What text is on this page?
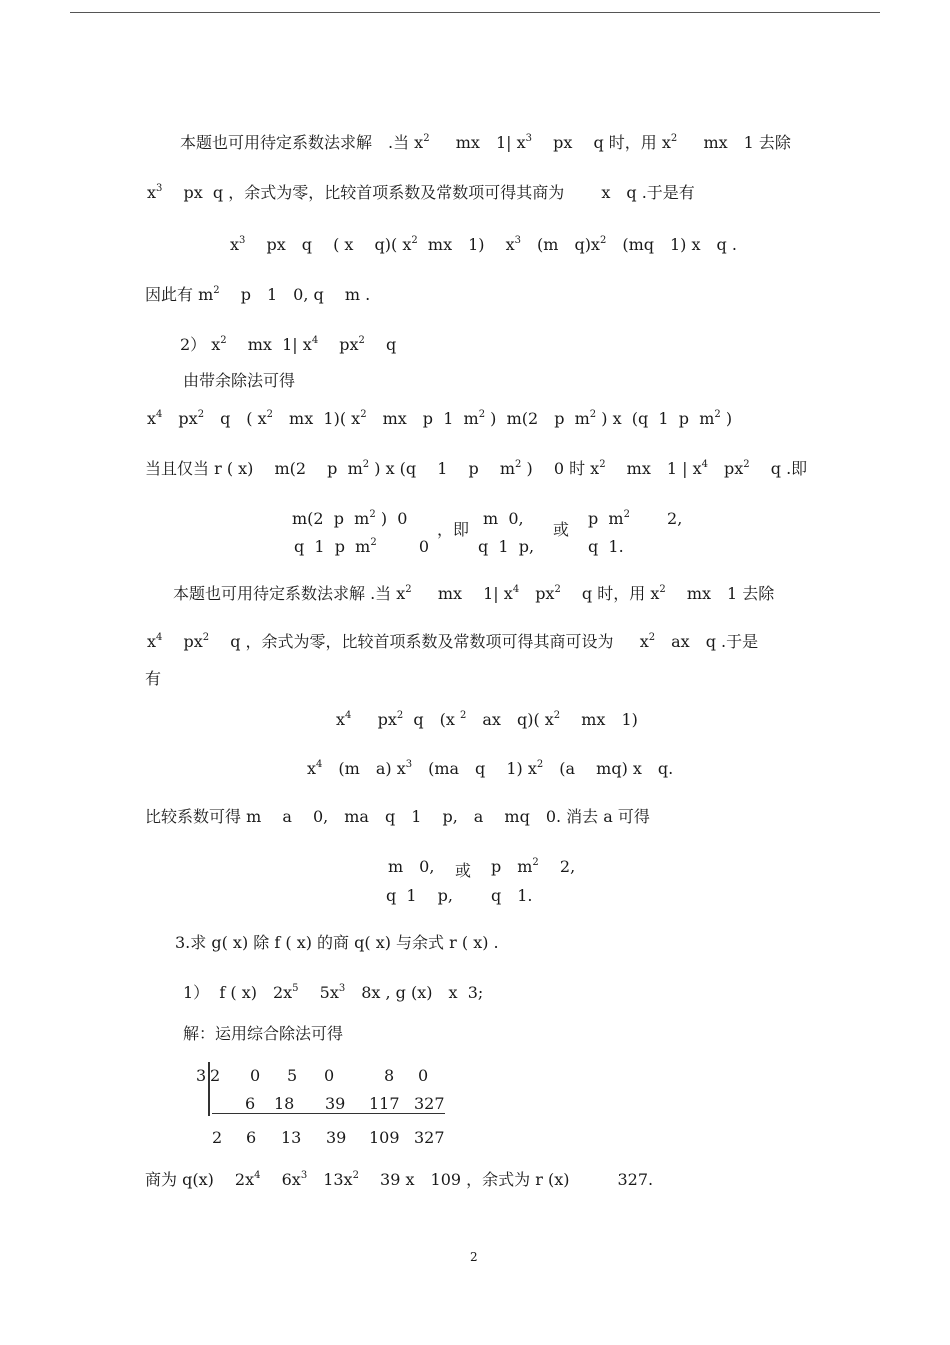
本题也可用待定系数法求解　.当 $x^2$　  mx　1| $x^3$　 px　 q 时，用 $x^2$　  mx　1 去除
$x^3$　 px  q ，余式为零，比较首项系数及常数项可得其商为　　 x　q .于是有
$x^3$　 px　q　 ( x　 q)( $x^2$  mx　1)　 $x^3$　(m　$q)x^2$　(mq　1) x　q .
因此有 $m^2$　 p　1　0, q　 m .
2） $x^2$　 mx  1| $x^4$　 $px^2$　 q
由带余除法可得
$x^4$　$px^2$　q　( $x^2$　mx  1)( $x^2$　mx　p  1  $m^2$ )  m(2　p  $m^2$ ) x  (q  1  p  $m^2$ )
当且仅当 r ( x)　 m(2　 p  $m^2$ ) x (q　 1　 p　 $m^2$ )　 0 时 $x^2$　 mx　1 | $x^4$　$px^2$　 q .即
m(2  p  $m^2$ )  0
q  1  p  $m^2$　　  0
，即
m  0,
q  1  p,
或
p  $m^2$　　 2,
q  1.
本题也可用待定系数法求解 .当 $x^2$　  mx　 1| $x^4$　$px^2$　 q 时，用 $x^2$　 mx　1 去除
$x^4$　 $px^2$　 q ，余式为零，比较首项系数及常数项可得其商可设为　  $x^2$　ax　q .于是
有
$x^4$　  $px^2$  q　(x $^2$　ax　q)( $x^2$　 mx　1)
$x^4$　(m　a) $x^3$　(ma　q　 1) $x^2$　(a　 mq) x　q.
比较系数可得 m　 a　 0,　ma　q　1　 p,　a　 mq　0. 消去 a 可得
m　0,
q  1　 p,
或 p　$m^2$　 2,
q　1.
3.求 g( x) 除 f ( x) 的商 q( x) 与余式 r ( x) .
1）  f ( x)　$2x^5$　 $5x^3$　8x , g (x)　x  3;
解：运用综合除法可得
3 2 0 5 0	8 0
6 18 39 117 327
2 6 13 39 109 327
商为 q(x)　 $2x^4$　 $6x^3$　$13x^2$　 39 x　109 ，余式为 r (x)　　　327.
2
